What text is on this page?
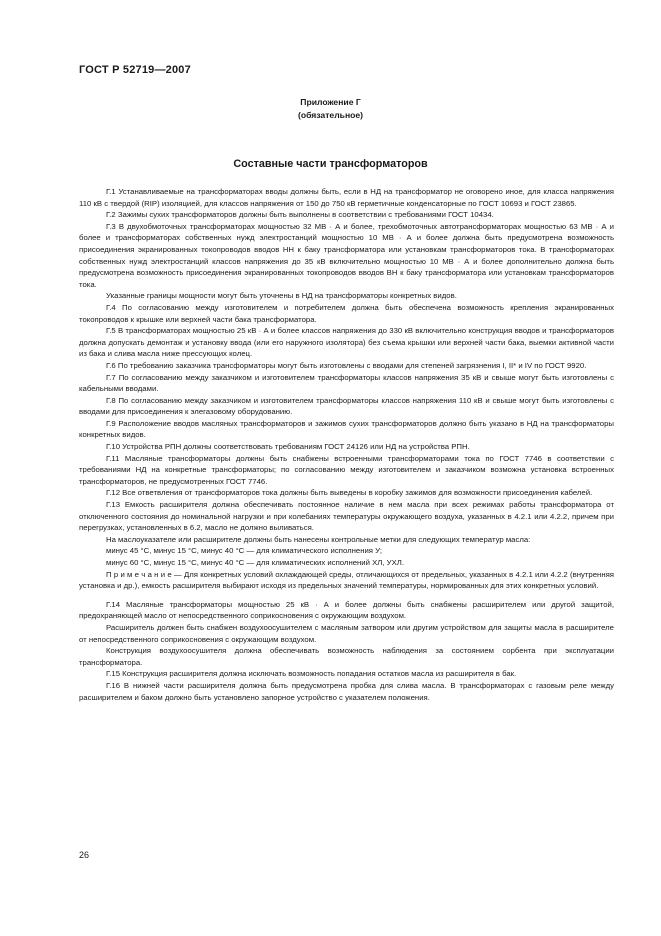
ГОСТ Р 52719—2007
Приложение Г
(обязательное)
Составные части трансформаторов

Г.1 Устанавливаемые на трансформаторах вводы должны быть, если в НД на трансформатор не оговорено иное, для класса напряжения 110 кВ с твердой (RIP) изоляцией, для классов напряжения от 150 до 750 кВ герметичные конденсаторные по ГОСТ 10693 и ГОСТ 23865.

Г.2 Зажимы сухих трансформаторов должны быть выполнены в соответствии с требованиями ГОСТ 10434.

Г.3 В двухобмоточных трансформаторах мощностью 32 МВ · А и более, трехобмоточных автотрансформаторах мощностью 63 МВ · А и более и трансформаторах собственных нужд электростанций мощностью 10 МВ · А и более должна быть предусмотрена возможность присоединения экранированных токопроводов вводов НН к баку трансформатора или установкам трансформаторов тока. В трансформаторах собственных нужд электростанций классов напряжения до 35 кВ включительно мощностью 10 МВ · А и более дополнительно должна быть предусмотрена возможность присоединения экранированных токопроводов вводов ВН к баку трансформатора или установкам трансформаторов тока.

Указанные границы мощности могут быть уточнены в НД на трансформаторы конкретных видов.

Г.4 По согласованию между изготовителем и потребителем должна быть обеспечена возможность крепления экранированных токопроводов к крышке или верхней части бака трансформатора.

Г.5 В трансформаторах мощностью 25 кВ · А и более классов напряжения до 330 кВ включительно конструкция вводов и трансформаторов должна допускать демонтаж и установку ввода (или его наружного изолятора) без съема крышки или верхней части бака, выемки активной части из бака и слива масла ниже прессующих колец.

Г.6 По требованию заказчика трансформаторы могут быть изготовлены с вводами для степеней загрязнения I, II* и IV по ГОСТ 9920.

Г.7 По согласованию между заказчиком и изготовителем трансформаторы классов напряжения 35 кВ и свыше могут быть изготовлены с кабельными вводами.

Г.8 По согласованию между заказчиком и изготовителем трансформаторы классов напряжения 110 кВ и свыше могут быть изготовлены с вводами для присоединения к элегазовому оборудованию.

Г.9 Расположение вводов масляных трансформаторов и зажимов сухих трансформаторов должно быть указано в НД на трансформаторы конкретных видов.

Г.10 Устройства РПН должны соответствовать требованиям ГОСТ 24126 или НД на устройства РПН.

Г.11 Масляные трансформаторы должны быть снабжены встроенными трансформаторами тока по ГОСТ 7746 в соответствии с требованиями НД на конкретные трансформаторы; по согласованию между изготовителем и заказчиком возможна установка встроенных трансформаторов, не предусмотренных ГОСТ 7746.

Г.12 Все ответвления от трансформаторов тока должны быть выведены в коробку зажимов для возможности присоединения кабелей.

Г.13 Емкость расширителя должна обеспечивать постоянное наличие в нем масла при всех режимах работы трансформатора от отключенного состояния до номинальной нагрузки и при колебаниях температуры окружающего воздуха, указанных в 4.2.1 или 4.2.2, причем при перегрузках, установленных в 6.2, масло не должно выливаться.

На маслоуказателе или расширителе должны быть нанесены контрольные метки для следующих температур масла:

минус 45 °С, минус 15 °С, минус 40 °С — для климатического исполнения У;

минус 60 °С, минус 15 °С, минус 40 °С — для климатических исполнений ХЛ, УХЛ.

П р и м е ч а н и е — Для конкретных условий охлаждающей среды, отличающихся от предельных, указанных в 4.2.1 или 4.2.2 (внутренняя установка и др.), емкость расширителя выбирают исходя из предельных значений температуры, нормированных для этих конкретных условий.

Г.14 Масляные трансформаторы мощностью 25 кВ · А и более должны быть снабжены расширителем или другой защитой, предохраняющей масло от непосредственного соприкосновения с окружающим воздухом.

Расширитель должен быть снабжен воздухоосушителем с масляным затвором или другим устройством для защиты масла в расширителе от непосредственного соприкосновения с окружающим воздухом.

Конструкция воздухоосушителя должна обеспечивать возможность наблюдения за состоянием сорбента при эксплуатации трансформатора.

Г.15 Конструкция расширителя должна исключать возможность попадания остатков масла из расширителя в бак.

Г.16 В нижней части расширителя должна быть предусмотрена пробка для слива масла. В трансформаторах с газовым реле между расширителем и баком должно быть установлено запорное устройство с указателем положения.

26
